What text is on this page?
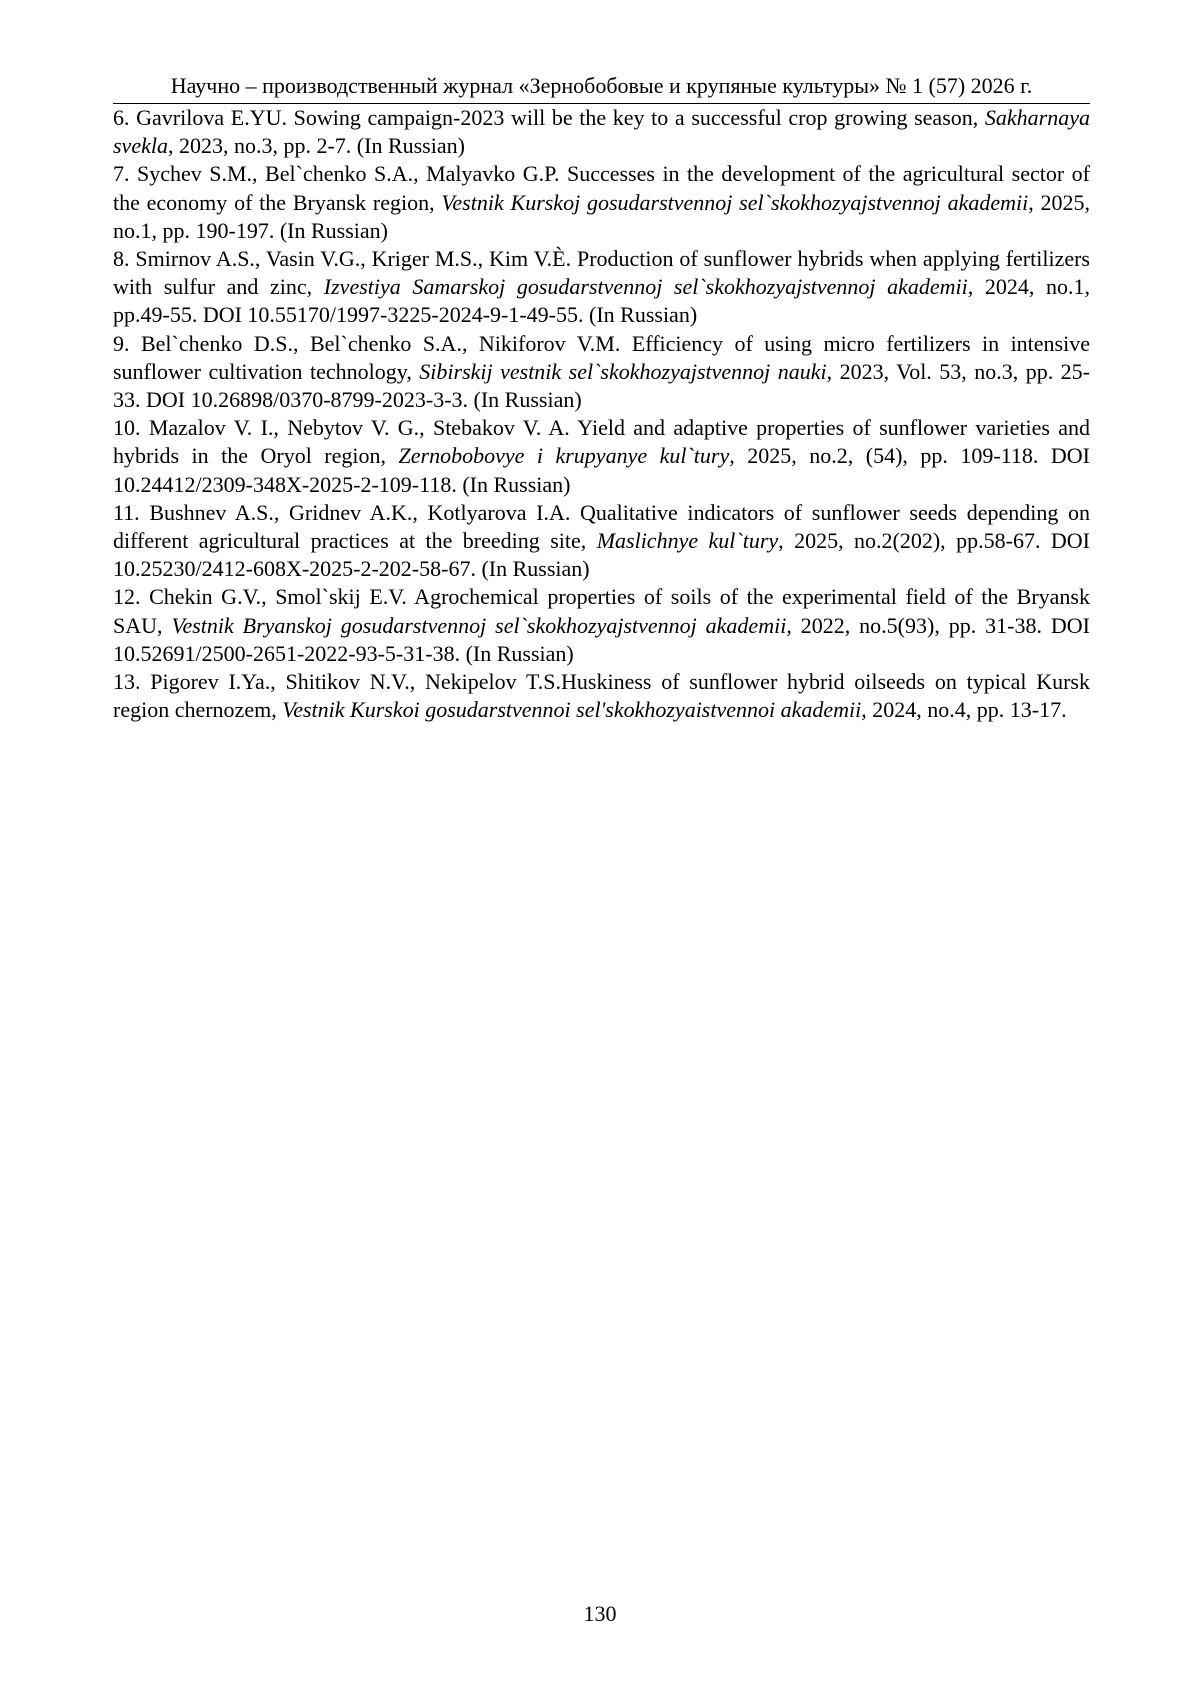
Научно – производственный журнал «Зернобобовые и крупяные культуры» № 1 (57) 2026 г.

6. Gavrilova E.YU. Sowing campaign-2023 will be the key to a successful crop growing season, Sakharnaya svekla, 2023, no.3, pp. 2-7. (In Russian)

7. Sychev S.M., Bel`chenko S.A., Malyavko G.P. Successes in the development of the agricultural sector of the economy of the Bryansk region, Vestnik Kurskoj gosudarstvennoj sel`skokhozyajstvennoj akademii, 2025, no.1, pp. 190-197. (In Russian)

8. Smirnov A.S., Vasin V.G., Kriger M.S., Kim V.È. Production of sunflower hybrids when applying fertilizers with sulfur and zinc, Izvestiya Samarskoj gosudarstvennoj sel`skokhozyajstvennoj akademii, 2024, no.1, pp.49-55. DOI 10.55170/1997-3225-2024-9-1-49-55. (In Russian)

9. Bel`chenko D.S., Bel`chenko S.A., Nikiforov V.M. Efficiency of using micro fertilizers in intensive sunflower cultivation technology, Sibirskij vestnik sel`skokhozyajstvennoj nauki, 2023, Vol. 53, no.3, pp. 25-33. DOI 10.26898/0370-8799-2023-3-3. (In Russian)

10. Mazalov V. I., Nebytov V. G., Stebakov V. A. Yield and adaptive properties of sunflower varieties and hybrids in the Oryol region, Zernobobovye i krupyanye kul`tury, 2025, no.2, (54), pp. 109-118. DOI 10.24412/2309-348X-2025-2-109-118. (In Russian)

11. Bushnev A.S., Gridnev A.K., Kotlyarova I.A. Qualitative indicators of sunflower seeds depending on different agricultural practices at the breeding site, Maslichnye kul`tury, 2025, no.2(202), pp.58-67. DOI 10.25230/2412-608X-2025-2-202-58-67. (In Russian)

12. Chekin G.V., Smol`skij E.V. Agrochemical properties of soils of the experimental field of the Bryansk SAU, Vestnik Bryanskoj gosudarstvennoj sel`skokhozyajstvennoj akademii, 2022, no.5(93), pp. 31-38. DOI 10.52691/2500-2651-2022-93-5-31-38. (In Russian)

13. Pigorev I.Ya., Shitikov N.V., Nekipelov T.S.Huskiness of sunflower hybrid oilseeds on typical Kursk region chernozem, Vestnik Kurskoi gosudarstvennoi sel'skokhozyaistvennoi akademii, 2024, no.4, pp. 13-17.

130
